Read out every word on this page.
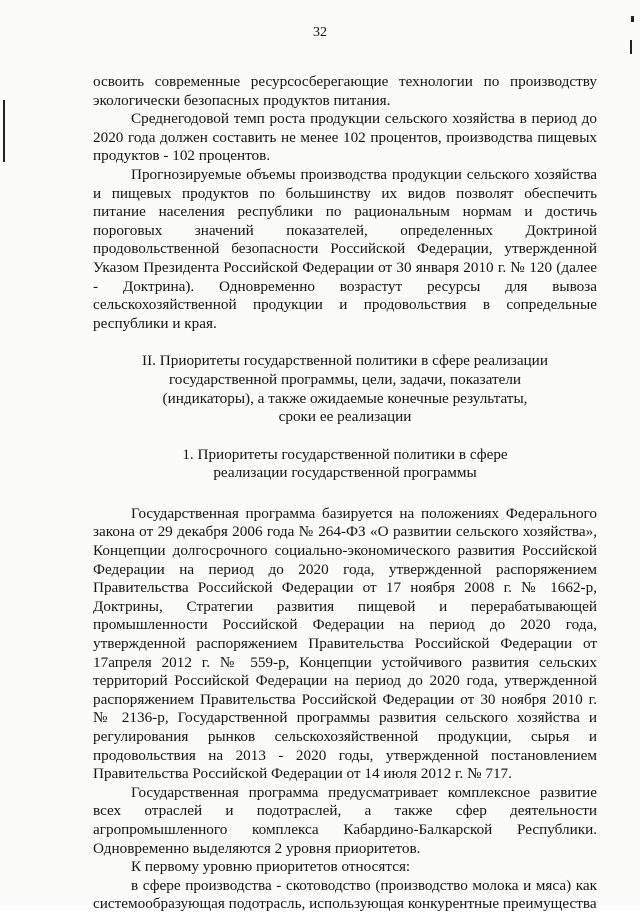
32

освоить современные ресурсосберегающие технологии по производству экологически безопасных продуктов питания.

Среднегодовой темп роста продукции сельского хозяйства в период до 2020 года должен составить не менее 102 процентов, производства пищевых продуктов - 102 процентов.

Прогнозируемые объемы производства продукции сельского хозяйства и пищевых продуктов по большинству их видов позволят обеспечить питание населения республики по рациональным нормам и достичь пороговых значений показателей, определенных Доктриной продовольственной безопасности Российской Федерации, утвержденной Указом Президента Российской Федерации от 30 января 2010 г. № 120 (далее - Доктрина). Одновременно возрастут ресурсы для вывоза сельскохозяйственной продукции и продовольствия в сопредельные республики и края.

II. Приоритеты государственной политики в сфере реализации

государственной программы, цели, задачи, показатели

(индикаторы), а также ожидаемые конечные результаты,

сроки ее реализации

1. Приоритеты государственной политики в сфере

реализации государственной программы

Государственная программа базируется на положениях Федерального закона от 29 декабря 2006 года № 264-ФЗ «О развитии сельского хозяйства», Концепции долгосрочного социально-экономического развития Российской Федерации на период до 2020 года, утвержденной распоряжением Правительства Российской Федерации от 17 ноября 2008 г. № 1662-р, Доктрины, Стратегии развития пищевой и перерабатывающей промышленности Российской Федерации на период до 2020 года, утвержденной распоряжением Правительства Российской Федерации от 17апреля 2012 г. № 559-р, Концепции устойчивого развития сельских территорий Российской Федерации на период до 2020 года, утвержденной распоряжением Правительства Российской Федерации от 30 ноября 2010 г. № 2136-р, Государственной программы развития сельского хозяйства и регулирования рынков сельскохозяйственной продукции, сырья и продовольствия на 2013 - 2020 годы, утвержденной постановлением Правительства Российской Федерации от 14 июля 2012 г. № 717.

Государственная программа предусматривает комплексное развитие всех отраслей и подотраслей, а также сфер деятельности агропромышленного комплекса Кабардино-Балкарской Республики. Одновременно выделяются 2 уровня приоритетов.

К первому уровню приоритетов относятся:

в сфере производства - скотоводство (производство молока и мяса) как системообразующая подотрасль, использующая конкурентные преимущества
